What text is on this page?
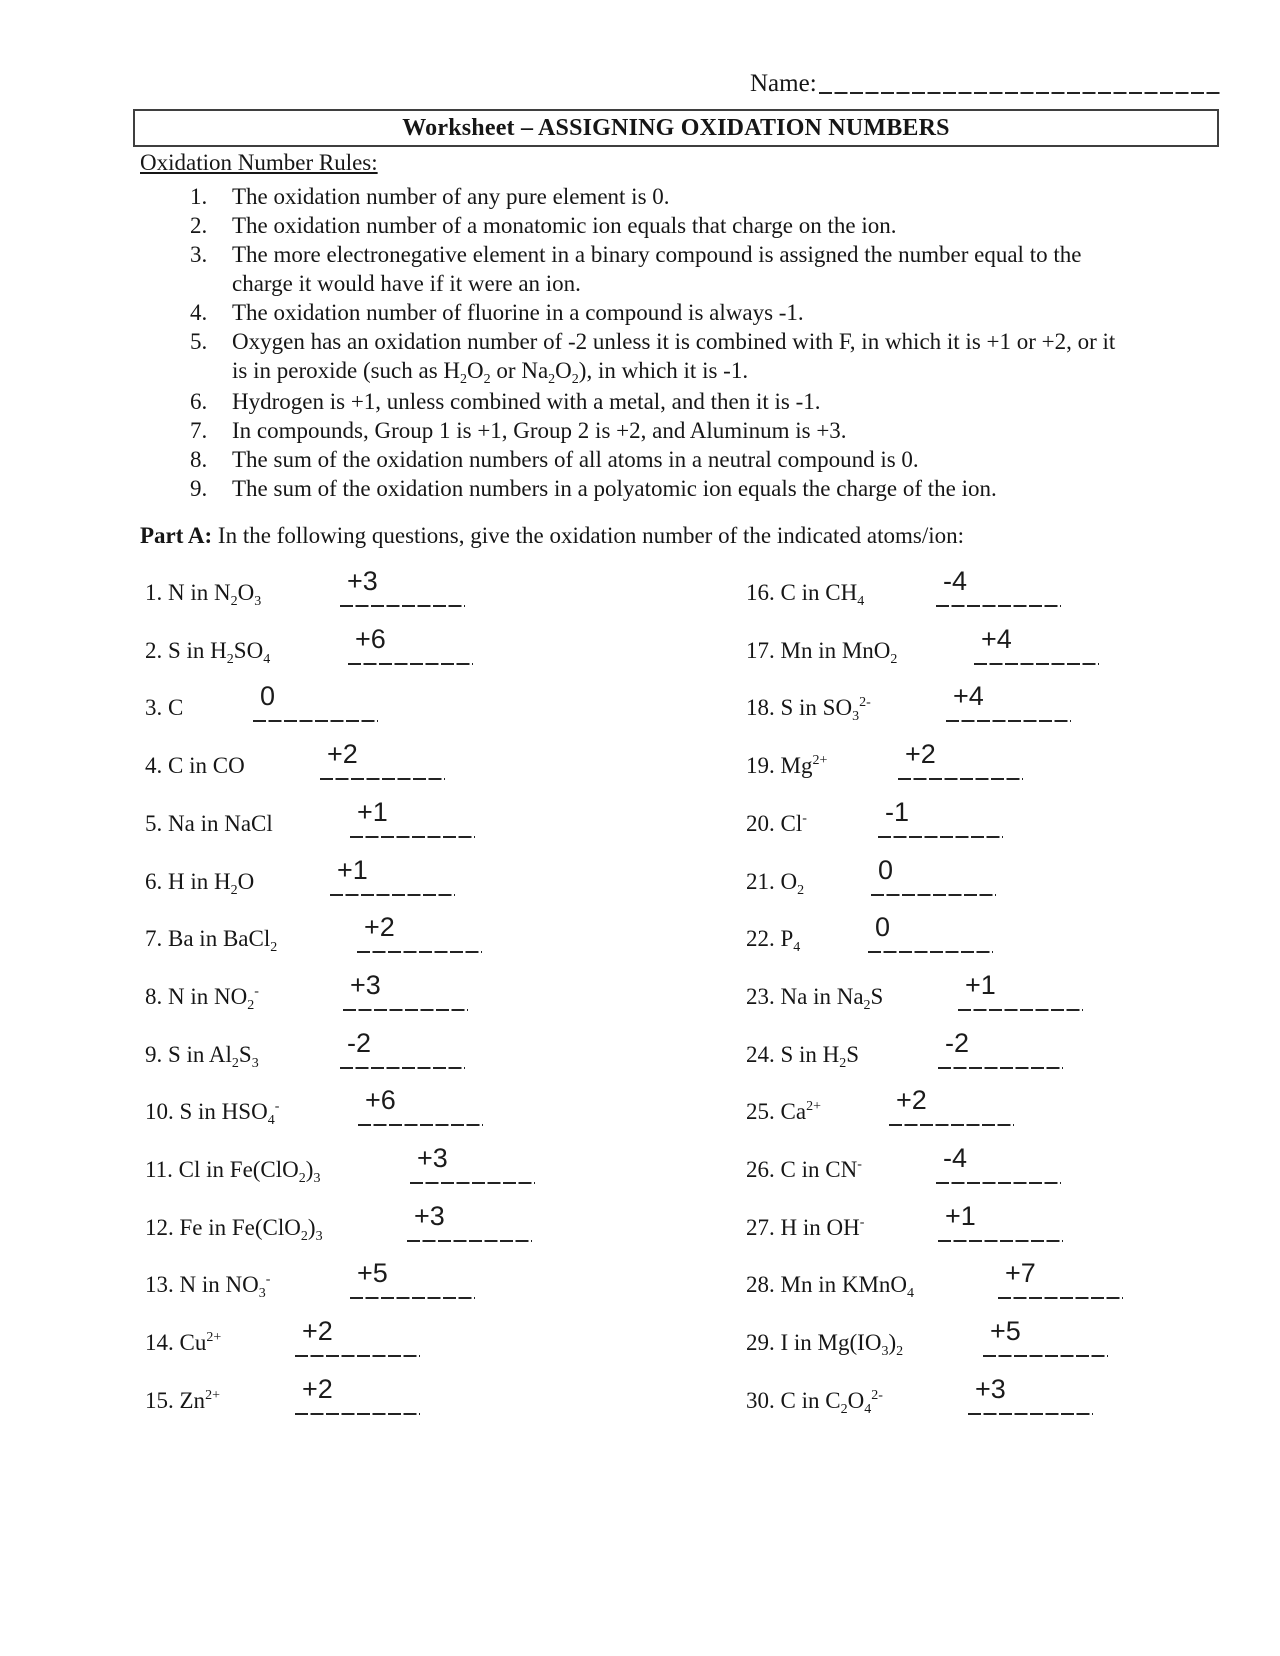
Name:
Worksheet – ASSIGNING OXIDATION NUMBERS
Oxidation Number Rules:
1.	The oxidation number of any pure element is 0.
2.	The oxidation number of a monatomic ion equals that charge on the ion.
3.	The more electronegative element in a binary compound is assigned the number equal to the
charge it would have if it were an ion.
4.	The oxidation number of fluorine in a compound is always -1.
5.	Oxygen has an oxidation number of -2 unless it is combined with F, in which it is +1 or +2, or it
is in peroxide (such as $H_2O_2$ or $Na_2O_2$), in which it is -1.
6.	Hydrogen is +1, unless combined with a metal, and then it is -1.
7.	In compounds, Group 1 is +1, Group 2 is +2, and Aluminum is +3.
8.	The sum of the oxidation numbers of all atoms in a neutral compound is 0.
9.	The sum of the oxidation numbers in a polyatomic ion equals the charge of the ion.
Part A: In the following questions, give the oxidation number of the indicated atoms/ion:
1. N in $N_2O_3$
+3
2. S in $H_2SO_4$
+6
3. C	0
4. C in CO	+2
5. Na in NaCl	+1
6. H in $H_2O$	+1
7. Ba in BaCl$_2$
+2
8. N in $NO_2^-$	+3
9. S in $Al_2S_3$
-2
10. S in $HSO_4^-$	+6
11. Cl in $Fe(ClO_2)_3$
+3
12. Fe in $Fe(ClO_2)_3$
+3
13. N in $NO_3^-$	+5
14. $Cu^{2+}$	+2
15. $Zn^{2+}$	+2
16. C in $CH_4$
-4
17. Mn in MnO$_2$
+4
18. S in $SO_3^{2-}$	+4
19. $Mg^{2+}$	+2
20. Cl-	-1
21. $O_2$
0
22. $P_4$
0
23. Na in $Na_2S$	+1
24. S in $H_2S$	-2
25. $Ca^{2+}$	+2
26. C in CN-	-4
27. H in OH-	+1
28. Mn in KMnO$_4$
+7
29. I in $Mg(IO_3)_2$
+5
30. C in $C_2O_4^{2-}$	+3
